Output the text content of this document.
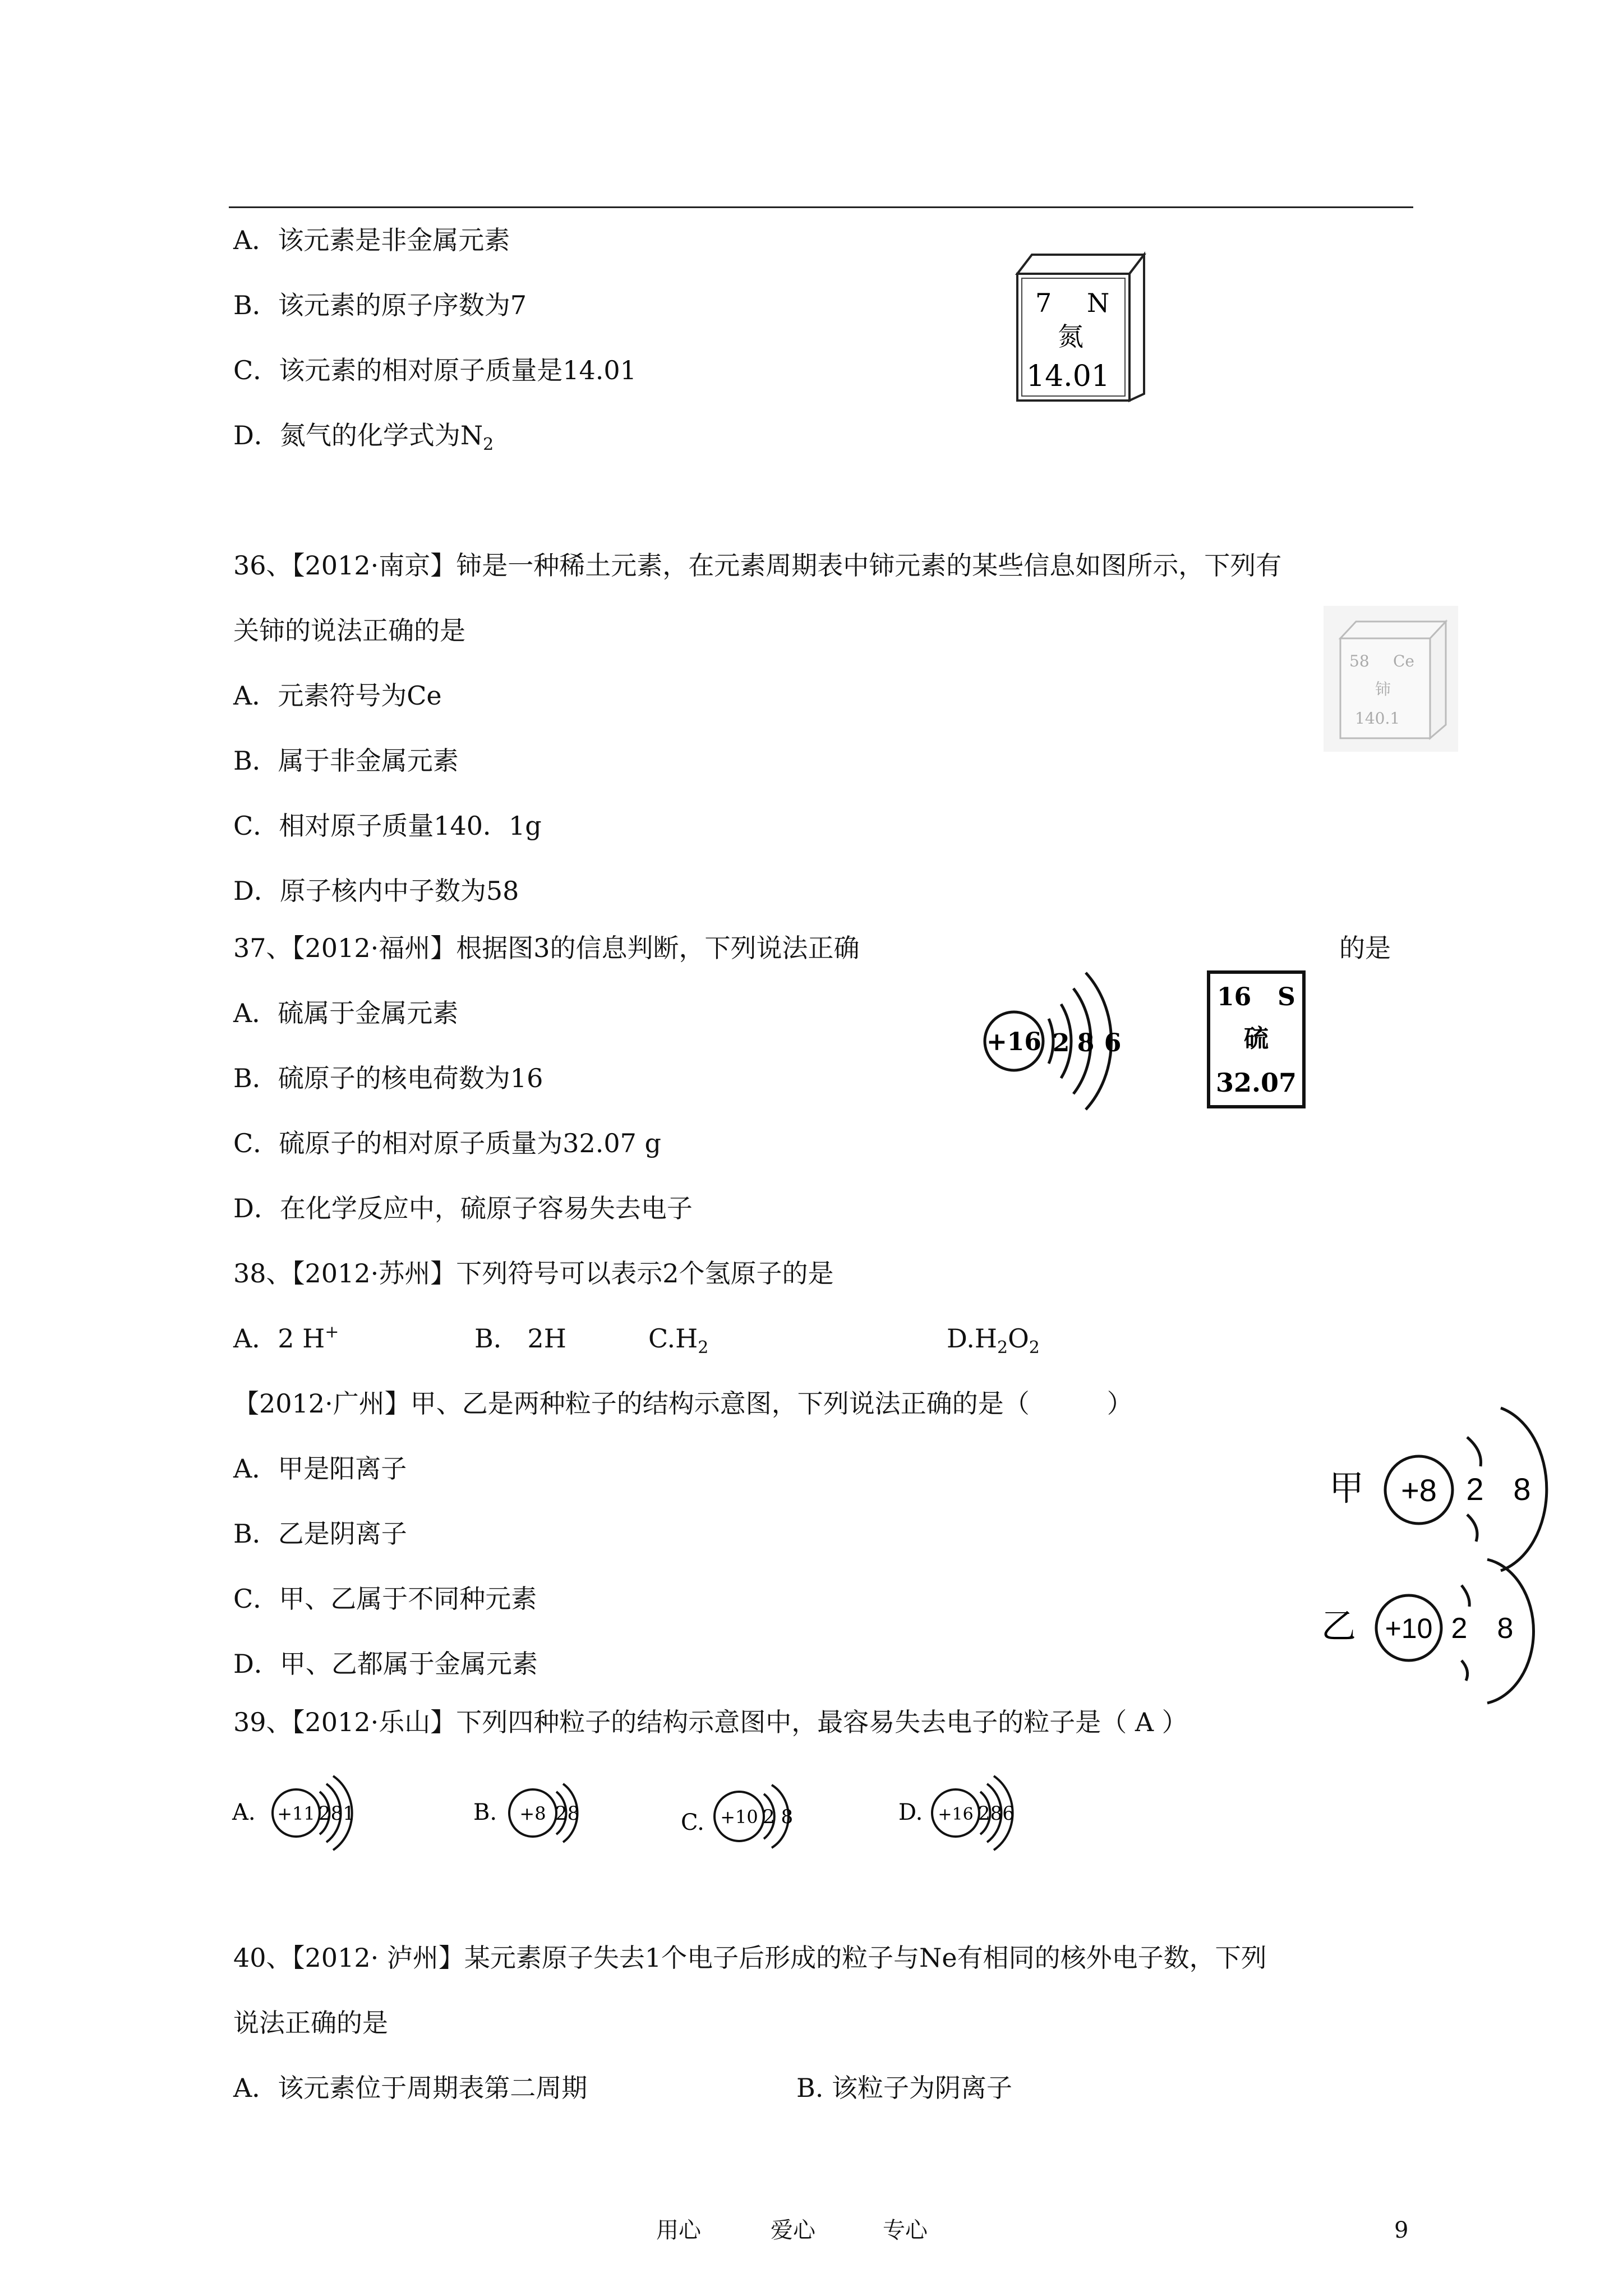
A．该元素是非金属元素
B．该元素的原子序数为7
C．该元素的相对原子质量是14.01
D．氮气的化学式为$N_2$
7 N
氮
14.01
36、【2012·南京】铈是一种稀土元素，在元素周期表中铈元素的某些信息如图所示，下列有
关铈的说法正确的是
A．元素符号为Ce
B．属于非金属元素
C．相对原子质量140．1g
D．原子核内中子数为58
58 Ce
铈
140.1
37、【2012·福州】根据图3的信息判断，下列说法正确	的是
A．硫属于金属元素
B．硫原子的核电荷数为16
C．硫原子的相对原子质量为32.07 g
D．在化学反应中，硫原子容易失去电子
+16 2 8 6
16 S
硫
32.07
38、【2012·苏州】下列符号可以表示2个氢原子的是
A．2 H+	B． 2H	$C.H_2$	$D.H_2O_2$
【2012·广州】甲、乙是两种粒子的结构示意图，下列说法正确的是（　　　）
A．甲是阳离子
B．乙是阴离子
C．甲、乙属于不同种元素
D．甲、乙都属于金属元素
甲 +8 2 8
乙 +10 2 8
39、【2012·乐山】下列四种粒子的结构示意图中，最容易失去电子的粒子是（ A ）
A. +11 281	B. +8 28	C. +10 2 8	D. +16 286
40、【2012· 泸州】某元素原子失去1个电子后形成的粒子与Ne有相同的核外电子数，下列
说法正确的是
A．该元素位于周期表第二周期	B. 该粒子为阴离子
用心	爱心	专心	9
